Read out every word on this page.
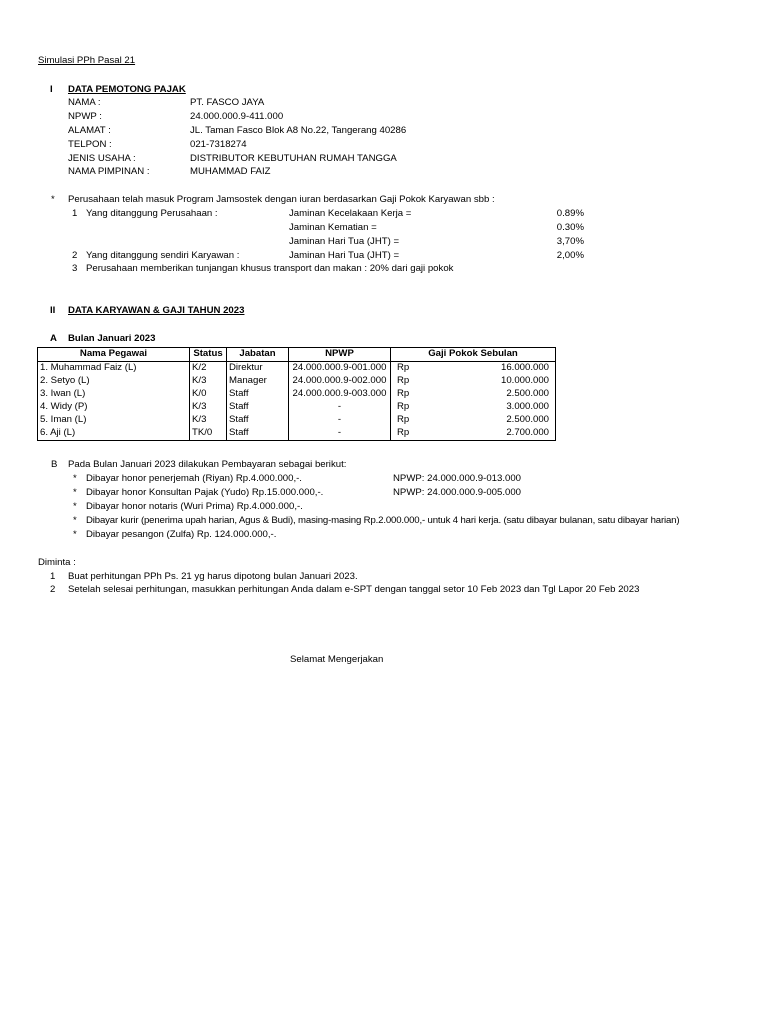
Simulasi PPh Pasal 21
I DATA PEMOTONG PAJAK
NAMA :	PT. FASCO JAYA
NPWP :	24.000.000.9-411.000
ALAMAT :	JL. Taman Fasco Blok A8 No.22, Tangerang 40286
TELPON :	021-7318274
JENIS USAHA :	DISTRIBUTOR KEBUTUHAN RUMAH TANGGA
NAMA PIMPINAN :	MUHAMMAD FAIZ
* Perusahaan telah masuk Program Jamsostek dengan iuran berdasarkan Gaji Pokok Karyawan sbb :
1 Yang ditanggung Perusahaan :	Jaminan Kecelakaan Kerja =	0.89%
Jaminan Kematian =	0.30%
Jaminan Hari Tua (JHT) =	3,70%
2 Yang ditanggung sendiri Karyawan :	Jaminan Hari Tua (JHT) =	2,00%
3 Perusahaan memberikan tunjangan khusus transport dan makan : 20% dari gaji pokok
II DATA KARYAWAN & GAJI TAHUN 2023
A Bulan Januari 2023
Nama Pegawai	Status	Jabatan	NPWP	Gaji Pokok Sebulan	
1. Muhammad Faiz (L)	K/2	Direktur	24.000.000.9-001.000	Rp	16.000.000
2. Setyo (L)	K/3	Manager	24.000.000.9-002.000	Rp	10.000.000
3. Iwan (L)	K/0	Staff	24.000.000.9-003.000	Rp	2.500.000
4. Widy (P)	K/3	Staff	-	Rp	3.000.000
5. Iman (L)	K/3	Staff	-	Rp	2.500.000
6. Aji (L)	TK/0	Staff	-	Rp	2.700.000
B Pada Bulan Januari 2023 dilakukan Pembayaran sebagai berikut:
* Dibayar honor penerjemah (Riyan) Rp.4.000.000,-.	NPWP: 24.000.000.9-013.000
* Dibayar honor Konsultan Pajak (Yudo) Rp.15.000.000,-.	NPWP: 24.000.000.9-005.000
* Dibayar honor notaris (Wuri Prima) Rp.4.000.000,-.
* Dibayar kurir (penerima upah harian, Agus & Budi), masing-masing Rp.2.000.000,- untuk 4 hari kerja. (satu dibayar bulanan, satu dibayar harian)
* Dibayar pesangon (Zulfa) Rp. 124.000.000,-.
Diminta :
1 Buat perhitungan PPh Ps. 21 yg harus dipotong bulan Januari 2023.
2 Setelah selesai perhitungan, masukkan perhitungan Anda dalam e-SPT dengan tanggal setor 10 Feb 2023 dan Tgl Lapor 20 Feb 2023
Selamat Mengerjakan
